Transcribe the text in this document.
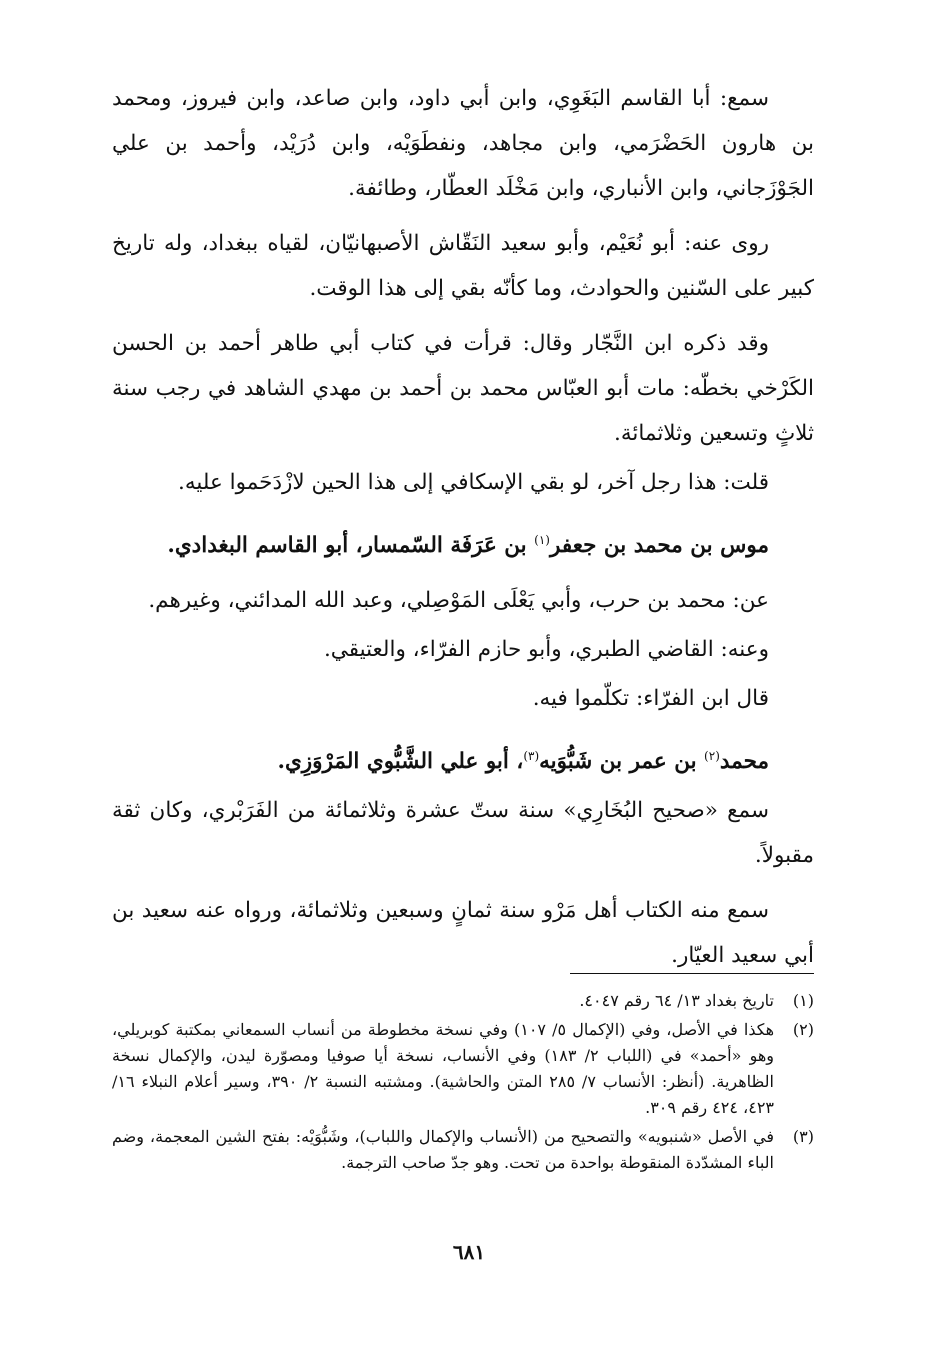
سمع: أبا القاسم البَغَوِي، وابن أبي داود، وابن صاعد، وابن فيروز، ومحمد بن هارون الحَضْرَمي، وابن مجاهد، ونفطَوَيْه، وابن دُرَيْد، وأحمد بن علي الجَوْزَجاني، وابن الأنباري، وابن مَخْلَد العطّار، وطائفة.

روى عنه: أبو نُعَيْم، وأبو سعيد النَقّاش الأصبهانيّان، لقياه ببغداد، وله تاريخ كبير على السّنين والحوادث، وما كأنّه بقي إلى هذا الوقت.

وقد ذكره ابن النَّجّار وقال: قرأت في كتاب أبي طاهر أحمد بن الحسن الكَرْخي بخطّه: مات أبو العبّاس محمد بن أحمد بن مهدي الشاهد في رجب سنة ثلاثٍ وتسعين وثلاثمائة.

قلت: هذا رجل آخر، لو بقي الإسكافي إلى هذا الحين لازْدَحَموا عليه.

موس بن محمد بن جعفر$^{(١)}$ بن عَرَفَة السّمسار، أبو القاسم البغدادي.

عن: محمد بن حرب، وأبي يَعْلَى المَوْصِلي، وعبد الله المدائني، وغيرهم.

وعنه: القاضي الطبري، وأبو حازم الفرّاء، والعتيقي.

قال ابن الفرّاء: تكلّموا فيه.

محمد$^{(٢)}$ بن عمر بن شَبُّوَيه$^{(٣)}$، أبو علي الشَّبُّوي المَرْوَزِي.

سمع «صحيح البُخَارِي» سنة ستّ عشرة وثلاثمائة من الفَرَبْري، وكان ثقة مقبولاً.

سمع منه الكتاب أهل مَرْو سنة ثمانٍ وسبعين وثلاثمائة، ورواه عنه سعيد بن أبي سعيد العيّار.

(١)
تاريخ بغداد ١٣/ ٦٤ رقم ٤٠٤٧.
(٢)
هكذا في الأصل، وفي (الإكمال ٥/ ١٠٧) وفي نسخة مخطوطة من أنساب السمعاني بمكتبة كوبريلي، وهو «أحمد» في (اللباب ٢/ ١٨٣) وفي الأنساب، نسخة أيا صوفيا ومصوّرة ليدن، والإكمال نسخة الظاهرية. (أنظر: الأنساب ٧/ ٢٨٥ المتن والحاشية). ومشتبه النسبة ٢/ ٣٩٠، وسير أعلام النبلاء ١٦/ ٤٢٣، ٤٢٤ رقم ٣٠٩.
(٣)
في الأصل «شنبويه» والتصحيح من (الأنساب والإكمال واللباب)، وشَبُّوَيْه: بفتح الشين المعجمة، وضم الباء المشدّدة المنقوطة بواحدة من تحت. وهو جدّ صاحب الترجمة.
٦٨١
